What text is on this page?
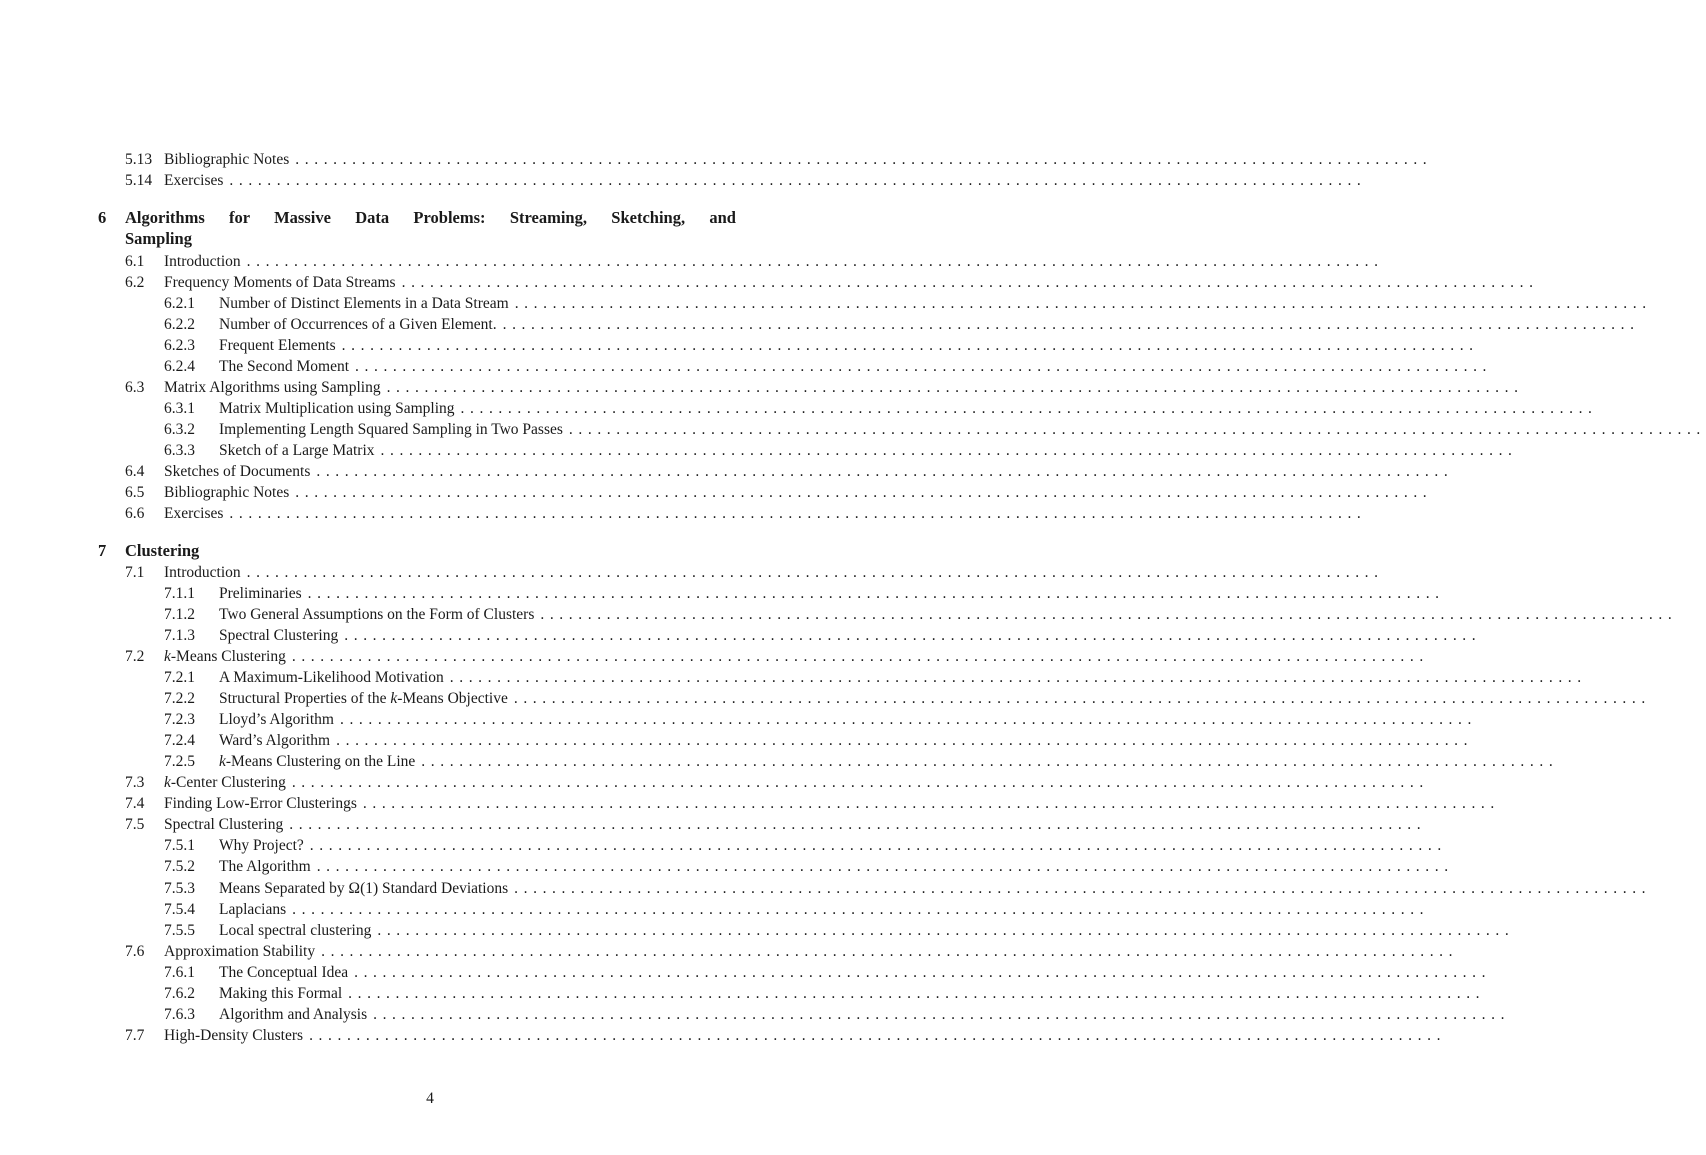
5.13 Bibliographic Notes ........................................................................................................................
5.14 Exercises ........................................................................................................................
6 Algorithms for Massive Data Problems: Streaming, Sketching, and
Sampling
6.1 Introduction ........................................................................................................................
6.2 Frequency Moments of Data Streams ........................................................................................................................
6.2.1 Number of Distinct Elements in a Data Stream ........................................................................................................................
6.2.2 Number of Occurrences of a Given Element. ........................................................................................................................
6.2.3 Frequent Elements ........................................................................................................................
6.2.4 The Second Moment ........................................................................................................................
6.3 Matrix Algorithms using Sampling ........................................................................................................................
6.3.1 Matrix Multiplication using Sampling ........................................................................................................................
6.3.2 Implementing Length Squared Sampling in Two Passes ........................................................................................................................
6.3.3 Sketch of a Large Matrix ........................................................................................................................
6.4 Sketches of Documents ........................................................................................................................
6.5 Bibliographic Notes ........................................................................................................................
6.6 Exercises ........................................................................................................................
7 Clustering
7.1 Introduction ........................................................................................................................
7.1.1 Preliminaries ........................................................................................................................
7.1.2 Two General Assumptions on the Form of Clusters ........................................................................................................................
7.1.3 Spectral Clustering ........................................................................................................................
7.2 k-Means Clustering ........................................................................................................................
7.2.1 A Maximum-Likelihood Motivation ........................................................................................................................
7.2.2 Structural Properties of the k-Means Objective ........................................................................................................................
7.2.3 Lloyd’s Algorithm ........................................................................................................................
7.2.4 Ward’s Algorithm ........................................................................................................................
7.2.5 k-Means Clustering on the Line ........................................................................................................................
7.3 k-Center Clustering ........................................................................................................................
7.4 Finding Low-Error Clusterings ........................................................................................................................
7.5 Spectral Clustering ........................................................................................................................
7.5.1 Why Project? ........................................................................................................................
7.5.2 The Algorithm ........................................................................................................................
7.5.3 Means Separated by Ω(1) Standard Deviations ........................................................................................................................
7.5.4 Laplacians ........................................................................................................................
7.5.5 Local spectral clustering ........................................................................................................................
7.6 Approximation Stability ........................................................................................................................
7.6.1 The Conceptual Idea ........................................................................................................................
7.6.2 Making this Formal ........................................................................................................................
7.6.3 Algorithm and Analysis ........................................................................................................................
7.7 High-Density Clusters ........................................................................................................................
4
